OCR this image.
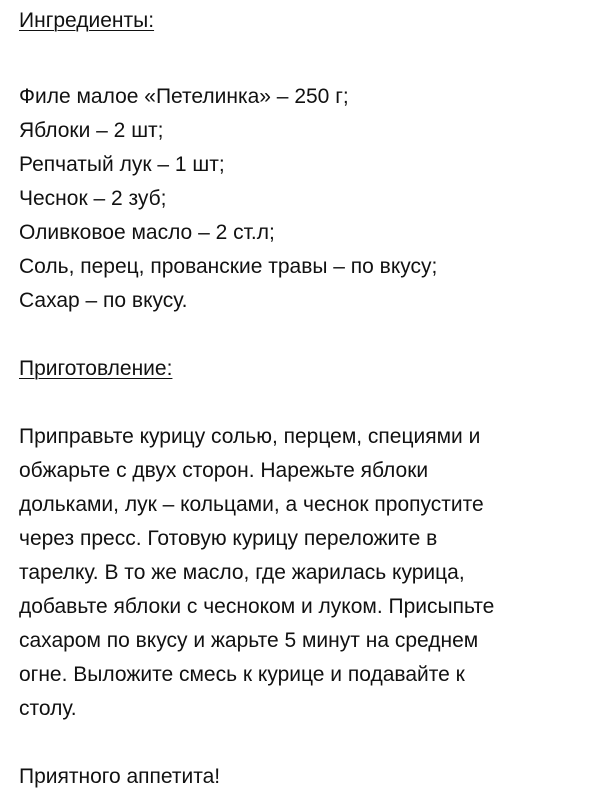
Ингредиенты:
Филе малое «Петелинка» – 250 г;
Яблоки – 2 шт;
Репчатый лук – 1 шт;
Чеснок – 2 зуб;
Оливковое масло – 2 ст.л;
Соль, перец, прованские травы – по вкусу;
Сахар – по вкусу.
Приготовление:

Приправьте курицу солью, перцем, специями и
обжарьте с двух сторон. Нарежьте яблоки
дольками, лук – кольцами, а чеснок пропустите
через пресс. Готовую курицу переложите в
тарелку. В то же масло, где жарилась курица,
добавьте яблоки с чесноком и луком. Присыпьте
сахаром по вкусу и жарьте 5 минут на среднем
огне. Выложите смесь к курице и подавайте к
столу.

Приятного аппетита!
